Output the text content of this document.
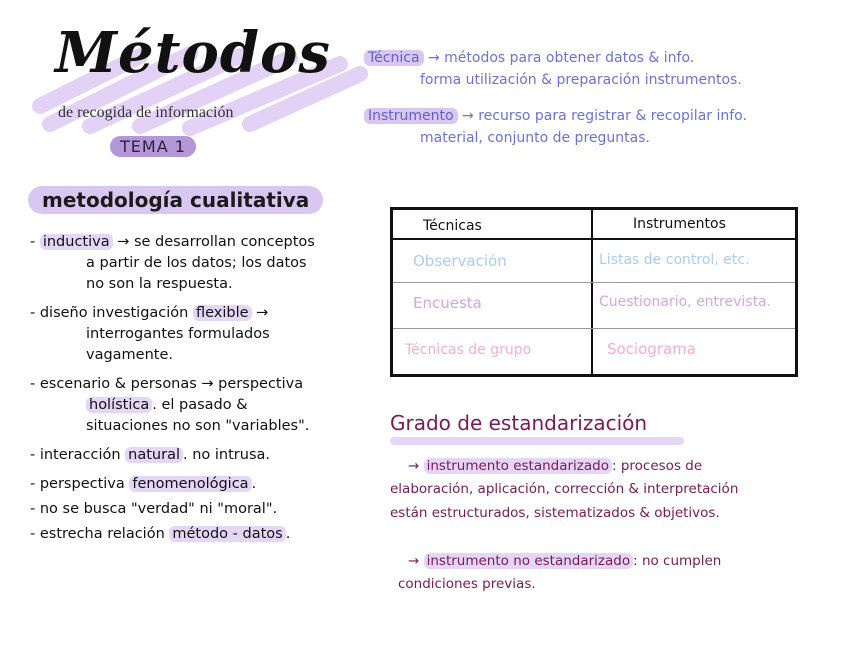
Métodos
de recogida de información
TEMA 1
Técnica → métodos para obtener datos & info.
forma utilización & preparación instrumentos.
Instrumento → recurso para registrar & recopilar info.
material, conjunto de preguntas.
metodología cualitativa
- inductiva → se desarrollan conceptos
a partir de los datos; los datos
no son la respuesta.
- diseño investigación flexible →
interrogantes formulados
vagamente.
- escenario & personas → perspectiva
holística . el pasado &
situaciones no son "variables".
- interacción natural . no intrusa.
- perspectiva fenomenológica .
- no se busca "verdad" ni "moral".
- estrecha relación método - datos .
Técnicas	Instrumentos
Observación	Listas de control, etc.
Encuesta	Cuestionario, entrevista.
Técnicas de grupo	Sociograma
Grado de estandarización
→ instrumento estandarizado : procesos de
elaboración, aplicación, corrección & interpretación
están estructurados, sistematizados & objetivos.
→ instrumento no estandarizado : no cumplen
condiciones previas.
